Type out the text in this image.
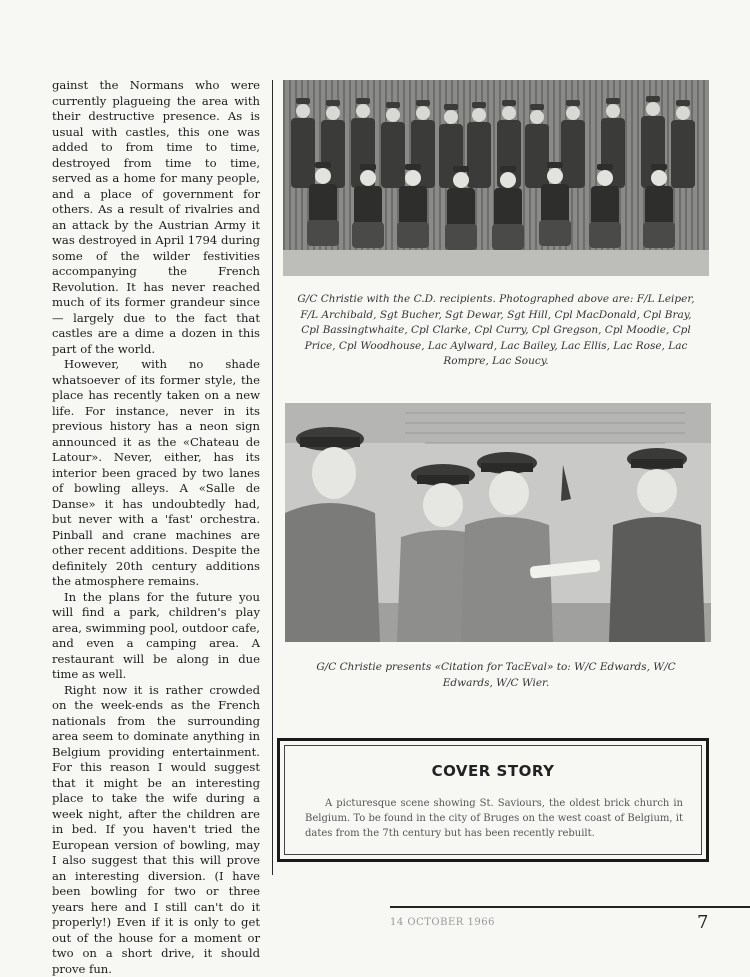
gainst the Normans who were currently plagueing the area with their destructive presence. As is usual with castles, this one was added to from time to time, destroyed from time to time, served as a home for many people, and a place of government for others. As a result of rivalries and an attack by the Austrian Army it was destroyed in April 1794 during some of the wilder festivities accompanying the French Revolution. It has never reached much of its former grandeur since — largely due to the fact that castles are a dime a dozen in this part of the world.

However, with no shade whatsoever of its former style, the place has recently taken on a new life. For instance, never in its previous history has a neon sign announced it as the «Chateau de Latour». Never, either, has its interior been graced by two lanes of bowling alleys. A «Salle de Danse» it has undoubtedly had, but never with a 'fast' orchestra. Pinball and crane machines are other recent additions. Despite the definitely 20th century additions the atmosphere remains.

In the plans for the future you will find a park, children's play area, swimming pool, outdoor cafe, and even a camping area. A restaurant will be along in due time as well.

Right now it is rather crowded on the week-ends as the French nationals from the surrounding area seem to dominate anything in Belgium providing entertainment. For this reason I would suggest that it might be an interesting place to take the wife during a week night, after the children are in bed. If you haven't tried the European version of bowling, may I also suggest that this will prove an interesting diversion. (I have been bowling for two or three years here and I still can't do it properly!) Even if it is only to get out of the house for a moment or two on a short drive, it should prove fun.

G/C Christie with the C.D. recipients. Photographed above are: F/L Leiper, F/L Archibald, Sgt Bucher, Sgt Dewar, Sgt Hill, Cpl MacDonald, Cpl Bray, Cpl Bassingtwhaite, Cpl Clarke, Cpl Curry, Cpl Gregson, Cpl Moodie, Cpl Price, Cpl Woodhouse, Lac Aylward, Lac Bailey, Lac Ellis, Lac Rose, Lac Rompre, Lac Soucy.
G/C Christie presents «Citation for TacEval» to: W/C Edwards, W/C Edwards, W/C Wier.
COVER STORY
A picturesque scene showing St. Saviours, the oldest brick church in Belgium. To be found in the city of Bruges on the west coast of Belgium, it dates from the 7th century but has been recently rebuilt.
14 OCTOBER 1966	7
